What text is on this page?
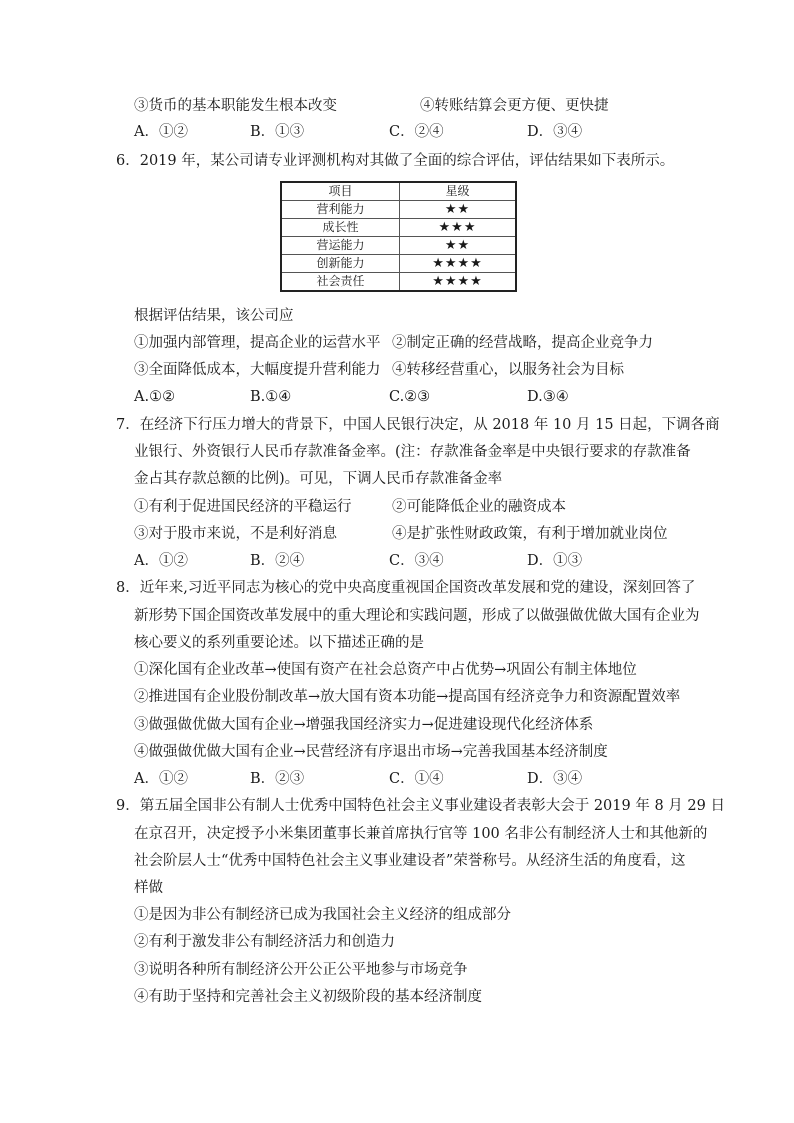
③货币的基本职能发生根本改变	④转账结算会更方便、更快捷
A．①②	B．①③	C．②④	D．③④
6．2019 年，某公司请专业评测机构对其做了全面的综合评估，评估结果如下表所示。
项目	星级
营利能力	★★
成长性	★★★
营运能力	★★
创新能力	★★★★
社会责任	★★★★
根据评估结果，该公司应
①加强内部管理，提高企业的运营水平 ②制定正确的经营战略，提高企业竞争力
③全面降低成本，大幅度提升营利能力 ④转移经营重心，以服务社会为目标
A.①②	B.①④	C.②③	D.③④
7．在经济下行压力增大的背景下，中国人民银行决定，从 2018 年 10 月 15 日起，下调各商
业银行、外资银行人民币存款准备金率。(注：存款准备金率是中央银行要求的存款准备
金占其存款总额的比例)。可见，下调人民币存款准备金率
①有利于促进国民经济的平稳运行	②可能降低企业的融资成本
③对于股市来说，不是利好消息	④是扩张性财政政策，有利于增加就业岗位
A．①②	B．②④	C．③④	D．①③
8．近年来,习近平同志为核心的党中央高度重视国企国资改革发展和党的建设，深刻回答了
新形势下国企国资改革发展中的重大理论和实践问题，形成了以做强做优做大国有企业为
核心要义的系列重要论述。以下描述正确的是
①深化国有企业改革→使国有资产在社会总资产中占优势→巩固公有制主体地位
②推进国有企业股份制改革→放大国有资本功能→提高国有经济竞争力和资源配置效率
③做强做优做大国有企业→增强我国经济实力→促进建设现代化经济体系
④做强做优做大国有企业→民营经济有序退出市场→完善我国基本经济制度
A．①②	B．②③	C．①④	D．③④
9．第五届全国非公有制人士优秀中国特色社会主义事业建设者表彰大会于 2019 年 8 月 29 日
在京召开，决定授予小米集团董事长兼首席执行官等 100 名非公有制经济人士和其他新的
社会阶层人士“优秀中国特色社会主义事业建设者”荣誉称号。从经济生活的角度看，这
样做
①是因为非公有制经济已成为我国社会主义经济的组成部分
②有利于激发非公有制经济活力和创造力
③说明各种所有制经济公开公正公平地参与市场竞争
④有助于坚持和完善社会主义初级阶段的基本经济制度
